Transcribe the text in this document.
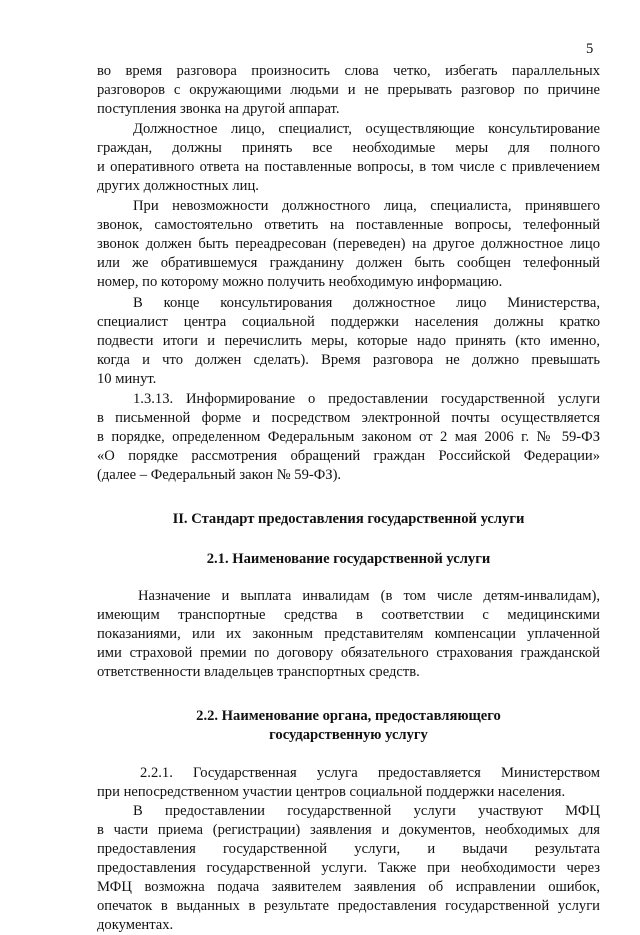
5
во время разговора произносить слова четко, избегать параллельных
разговоров с окружающими людьми и не прерывать разговор по причине
поступления звонка на другой аппарат.
Должностное лицо, специалист, осуществляющие консультирование
граждан, должны принять все необходимые меры для полного
и оперативного ответа на поставленные вопросы, в том числе с привлечением
других должностных лиц.
При невозможности должностного лица, специалиста, принявшего
звонок, самостоятельно ответить на поставленные вопросы, телефонный
звонок должен быть переадресован (переведен) на другое должностное лицо
или же обратившемуся гражданину должен быть сообщен телефонный
номер, по которому можно получить необходимую информацию.
В конце консультирования должностное лицо Министерства,
специалист центра социальной поддержки населения должны кратко
подвести итоги и перечислить меры, которые надо принять (кто именно,
когда и что должен сделать). Время разговора не должно превышать
10 минут.
1.3.13. Информирование о предоставлении государственной услуги
в письменной форме и посредством электронной почты осуществляется
в порядке, определенном Федеральным законом от 2 мая 2006 г. № 59-ФЗ
«О порядке рассмотрения обращений граждан Российской Федерации»
(далее – Федеральный закон № 59-ФЗ).
II. Стандарт предоставления государственной услуги
2.1. Наименование государственной услуги
Назначение и выплата инвалидам (в том числе детям-инвалидам),
имеющим транспортные средства в соответствии с медицинскими
показаниями, или их законным представителям компенсации уплаченной
ими страховой премии по договору обязательного страхования гражданской
ответственности владельцев транспортных средств.
2.2. Наименование органа, предоставляющего
государственную услугу
2.2.1. Государственная услуга предоставляется Министерством
при непосредственном участии центров социальной поддержки населения.
В предоставлении государственной услуги участвуют МФЦ
в части приема (регистрации) заявления и документов, необходимых для
предоставления государственной услуги, и выдачи результата
предоставления государственной услуги. Также при необходимости через
МФЦ возможна подача заявителем заявления об исправлении ошибок,
опечаток в выданных в результате предоставления государственной услуги
документах.
